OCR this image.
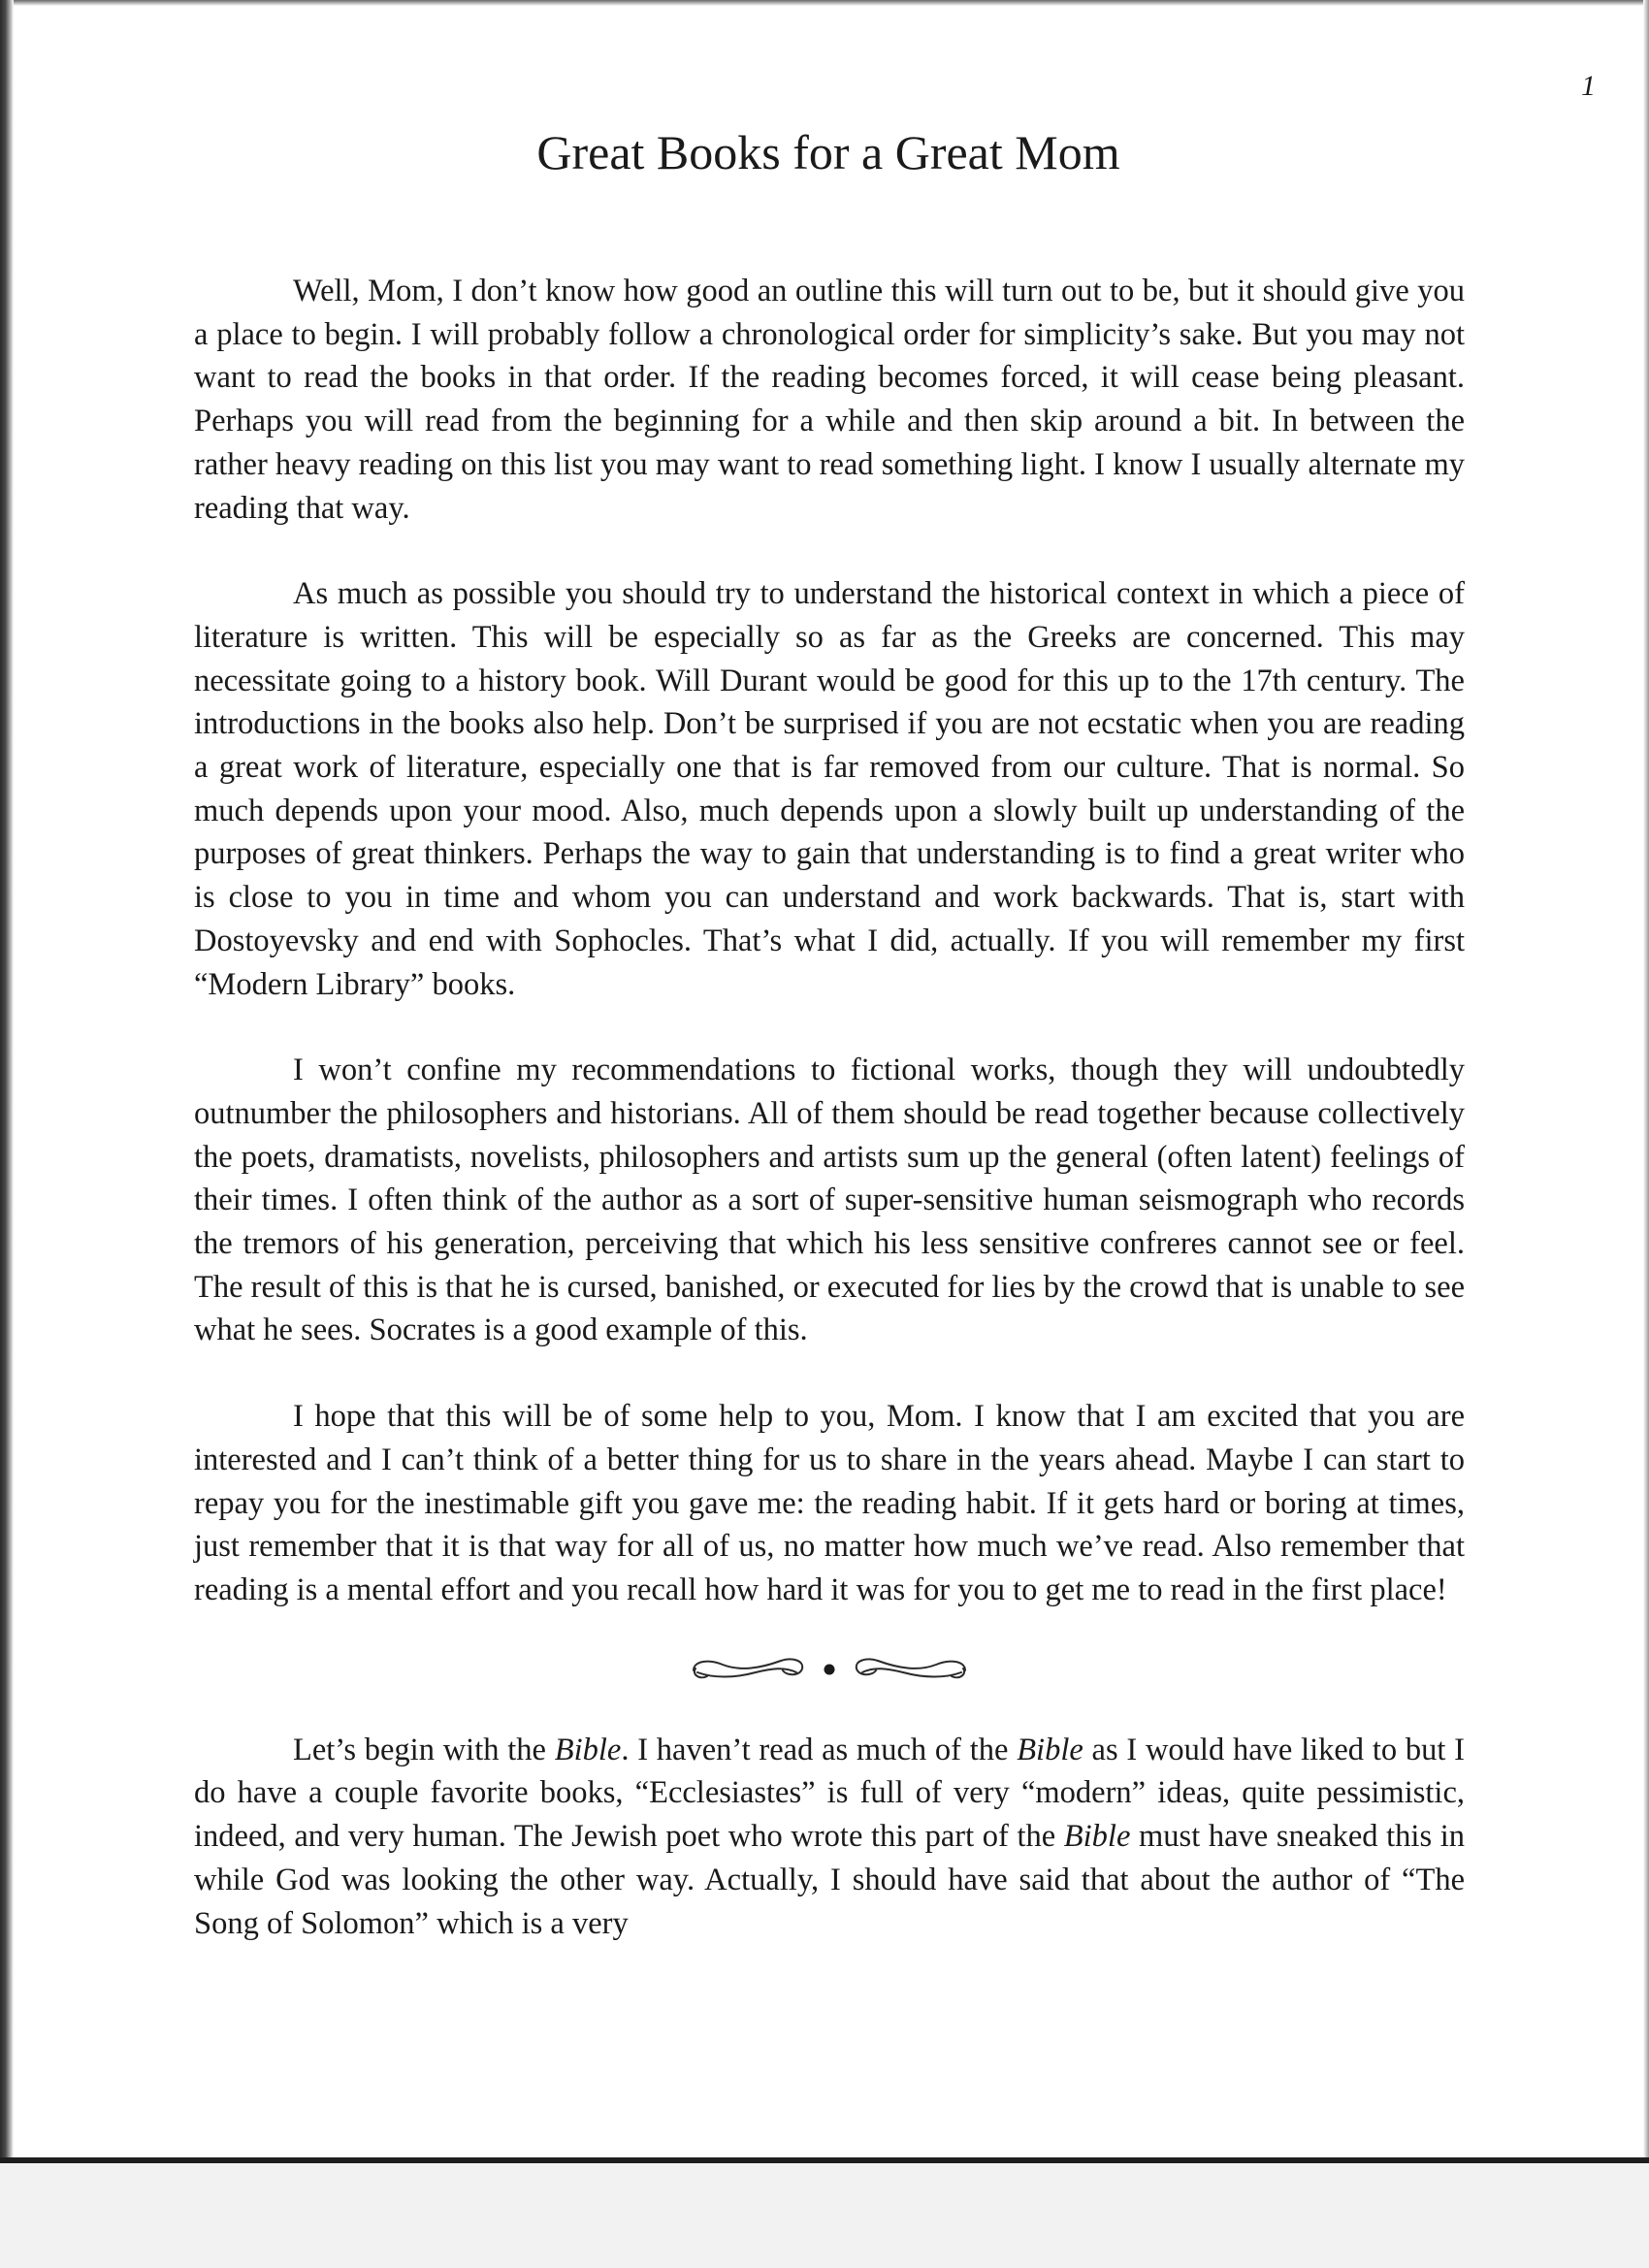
1
Great Books for a Great Mom

Well, Mom, I don’t know how good an outline this will turn out to be, but it should give you a place to begin. I will probably follow a chronological order for simplicity’s sake. But you may not want to read the books in that order. If the reading becomes forced, it will cease being pleasant. Perhaps you will read from the beginning for a while and then skip around a bit. In between the rather heavy reading on this list you may want to read something light. I know I usually alternate my reading that way.

As much as possible you should try to understand the historical context in which a piece of literature is written. This will be especially so as far as the Greeks are concerned. This may necessitate going to a history book. Will Durant would be good for this up to the 17th century. The introductions in the books also help. Don’t be surprised if you are not ecstatic when you are reading a great work of literature, especially one that is far removed from our culture. That is normal. So much depends upon your mood. Also, much depends upon a slowly built up understanding of the purposes of great thinkers. Perhaps the way to gain that understanding is to find a great writer who is close to you in time and whom you can understand and work backwards. That is, start with Dostoyevsky and end with Sophocles. That’s what I did, actually. If you will remember my first “Modern Library” books.

I won’t confine my recommendations to fictional works, though they will undoubtedly outnumber the philosophers and historians. All of them should be read together because collectively the poets, dramatists, novelists, philosophers and artists sum up the general (often latent) feelings of their times. I often think of the author as a sort of super-sensitive human seismograph who records the tremors of his generation, perceiving that which his less sensitive confreres cannot see or feel. The result of this is that he is cursed, banished, or executed for lies by the crowd that is unable to see what he sees. Socrates is a good example of this.

I hope that this will be of some help to you, Mom. I know that I am excited that you are interested and I can’t think of a better thing for us to share in the years ahead. Maybe I can start to repay you for the inestimable gift you gave me: the reading habit. If it gets hard or boring at times, just remember that it is that way for all of us, no matter how much we’ve read. Also remember that reading is a mental effort and you recall how hard it was for you to get me to read in the first place!

Let’s begin with the Bible. I haven’t read as much of the Bible as I would have liked to but I do have a couple favorite books, “Ecclesiastes” is full of very “modern” ideas, quite pessimistic, indeed, and very human. The Jewish poet who wrote this part of the Bible must have sneaked this in while God was looking the other way. Actually, I should have said that about the author of “The Song of Solomon” which is a very
